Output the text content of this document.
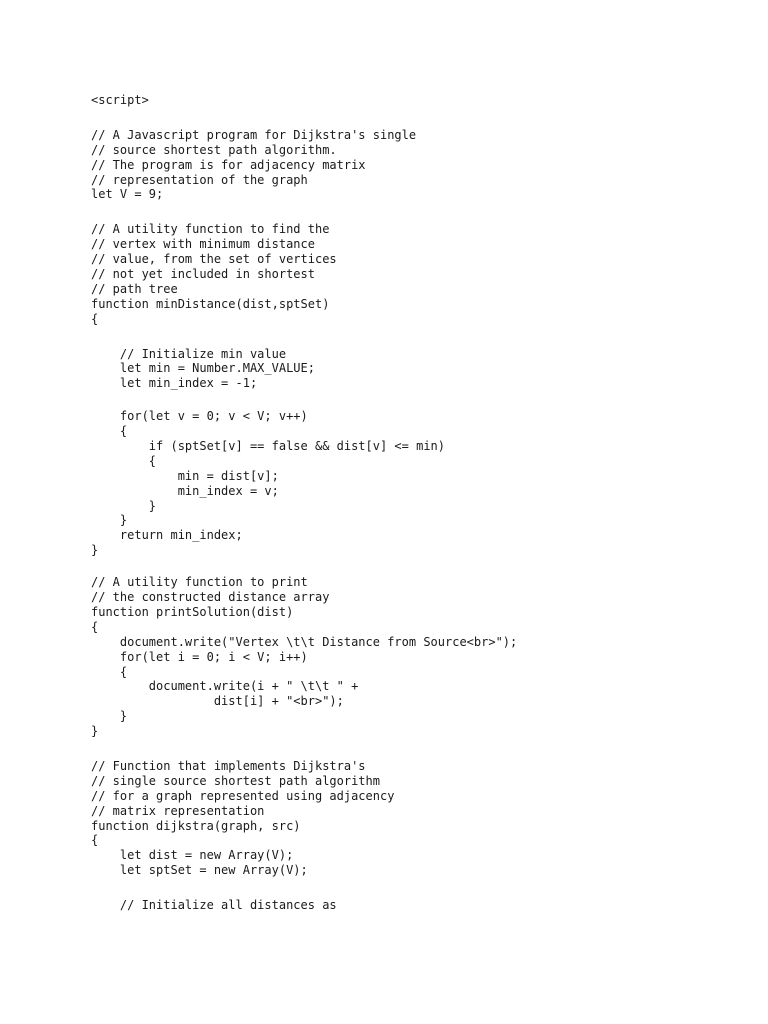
<script>
// A Javascript program for Dijkstra's single
// source shortest path algorithm.
// The program is for adjacency matrix
// representation of the graph
let V = 9;
// A utility function to find the
// vertex with minimum distance
// value, from the set of vertices
// not yet included in shortest
// path tree
function minDistance(dist,sptSet)
{
// Initialize min value
let min = Number.MAX_VALUE;
let min_index = -1;
for(let v = 0; v < V; v++)
{
if (sptSet[v] == false && dist[v] <= min)
{
min = dist[v];
min_index = v;
}
}
return min_index;
}
// A utility function to print
// the constructed distance array
function printSolution(dist)
{
document.write("Vertex \t\t Distance from Source<br>");
for(let i = 0; i < V; i++)
{
document.write(i + " \t\t " +
dist[i] + "<br>");
}
}
// Function that implements Dijkstra's
// single source shortest path algorithm
// for a graph represented using adjacency
// matrix representation
function dijkstra(graph, src)
{
let dist = new Array(V);
let sptSet = new Array(V);
// Initialize all distances as
